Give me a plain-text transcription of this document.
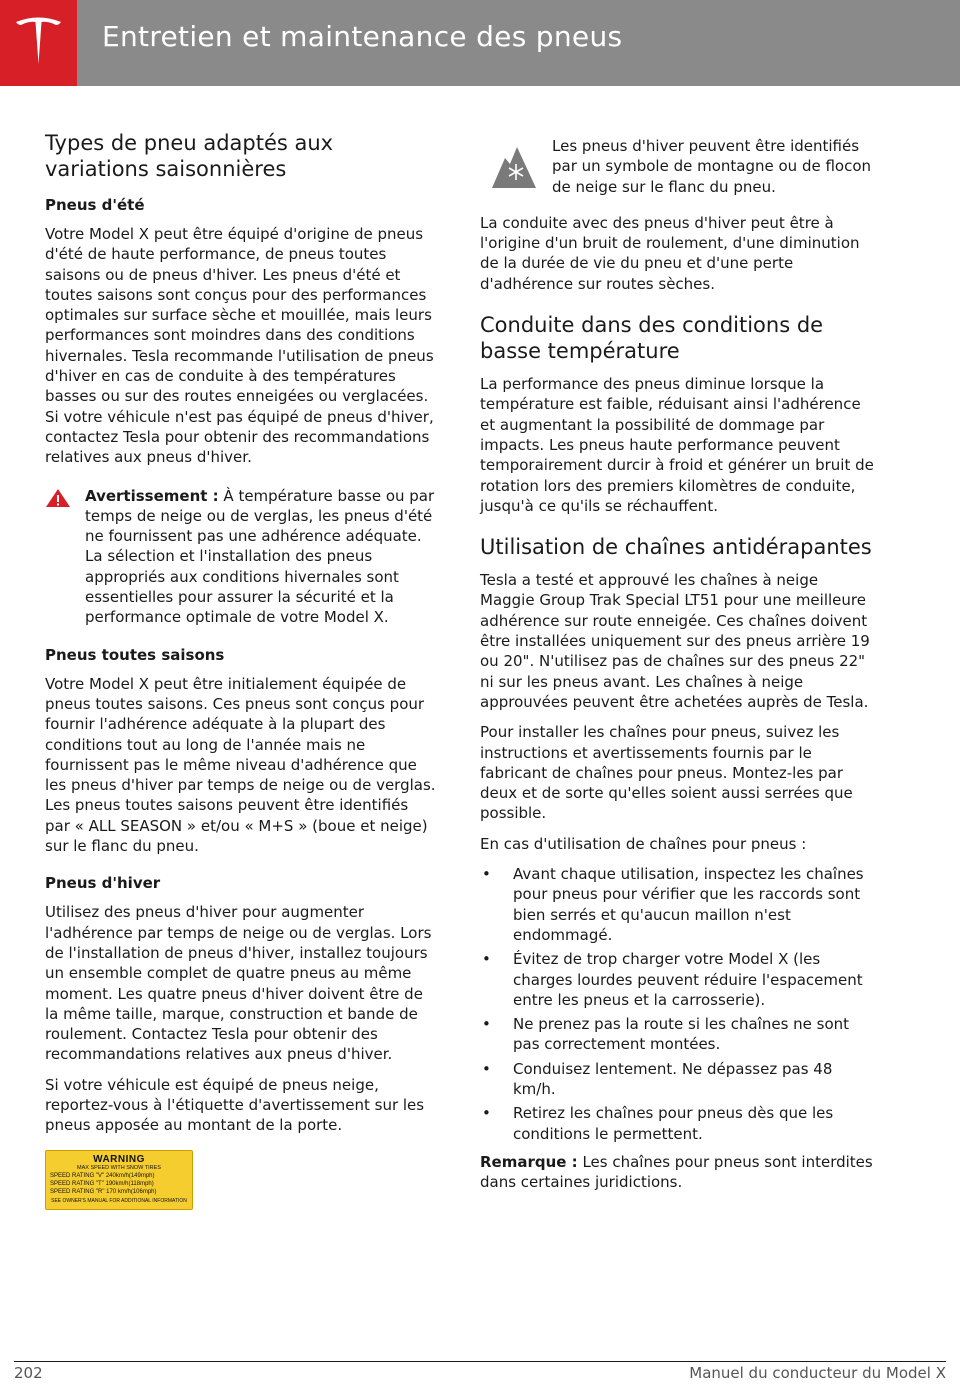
Entretien et maintenance des pneus
Types de pneu adaptés aux variations saisonnières
Pneus d'été

Votre Model X peut être équipé d'origine de pneus d'été de haute performance, de pneus toutes saisons ou de pneus d'hiver. Les pneus d'été et toutes saisons sont conçus pour des performances optimales sur surface sèche et mouillée, mais leurs performances sont moindres dans des conditions hivernales. Tesla recommande l'utilisation de pneus d'hiver en cas de conduite à des températures basses ou sur des routes enneigées ou verglacées. Si votre véhicule n'est pas équipé de pneus d'hiver, contactez Tesla pour obtenir des recommandations relatives aux pneus d'hiver.

Avertissement : À température basse ou par temps de neige ou de verglas, les pneus d'été ne fournissent pas une adhérence adéquate. La sélection et l'installation des pneus appropriés aux conditions hivernales sont essentielles pour assurer la sécurité et la performance optimale de votre Model X.
Pneus toutes saisons

Votre Model X peut être initialement équipée de pneus toutes saisons. Ces pneus sont conçus pour fournir l'adhérence adéquate à la plupart des conditions tout au long de l'année mais ne fournissent pas le même niveau d'adhérence que les pneus d'hiver par temps de neige ou de verglas. Les pneus toutes saisons peuvent être identifiés par « ALL SEASON » et/ou « M+S » (boue et neige) sur le flanc du pneu.

Pneus d'hiver

Utilisez des pneus d'hiver pour augmenter l'adhérence par temps de neige ou de verglas. Lors de l'installation de pneus d'hiver, installez toujours un ensemble complet de quatre pneus au même moment. Les quatre pneus d'hiver doivent être de la même taille, marque, construction et bande de roulement. Contactez Tesla pour obtenir des recommandations relatives aux pneus d'hiver.

Si votre véhicule est équipé de pneus neige, reportez-vous à l'étiquette d'avertissement sur les pneus apposée au montant de la porte.

WARNING
MAX SPEED WITH SNOW TIRES
SPEED RATING "V" 240km/h(149mph)
SPEED RATING "T" 190km/h(118mph)
SPEED RATING "R" 170 km/h(106mph)
SEE OWNER'S MANUAL FOR ADDITIONAL INFORMATION

Les pneus d'hiver peuvent être identifiés par un symbole de montagne ou de flocon de neige sur le flanc du pneu.

La conduite avec des pneus d'hiver peut être à l'origine d'un bruit de roulement, d'une diminution de la durée de vie du pneu et d'une perte d'adhérence sur routes sèches.

Conduite dans des conditions de basse température

La performance des pneus diminue lorsque la température est faible, réduisant ainsi l'adhérence et augmentant la possibilité de dommage par impacts. Les pneus haute performance peuvent temporairement durcir à froid et générer un bruit de rotation lors des premiers kilomètres de conduite, jusqu'à ce qu'ils se réchauffent.

Utilisation de chaînes antidérapantes

Tesla a testé et approuvé les chaînes à neige Maggie Group Trak Special LT51 pour une meilleure adhérence sur route enneigée. Ces chaînes doivent être installées uniquement sur des pneus arrière 19 ou 20". N'utilisez pas de chaînes sur des pneus 22" ni sur les pneus avant. Les chaînes à neige approuvées peuvent être achetées auprès de Tesla.

Pour installer les chaînes pour pneus, suivez les instructions et avertissements fournis par le fabricant de chaînes pour pneus. Montez-les par deux et de sorte qu'elles soient aussi serrées que possible.

En cas d'utilisation de chaînes pour pneus :

• Avant chaque utilisation, inspectez les chaînes pour pneus pour vérifier que les raccords sont bien serrés et qu'aucun maillon n'est endommagé.
• Évitez de trop charger votre Model X (les charges lourdes peuvent réduire l'espacement entre les pneus et la carrosserie).
• Ne prenez pas la route si les chaînes ne sont pas correctement montées.
• Conduisez lentement. Ne dépassez pas 48 km/h.
• Retirez les chaînes pour pneus dès que les conditions le permettent.

Remarque : Les chaînes pour pneus sont interdites dans certaines juridictions.

202	Manuel du conducteur du Model X
